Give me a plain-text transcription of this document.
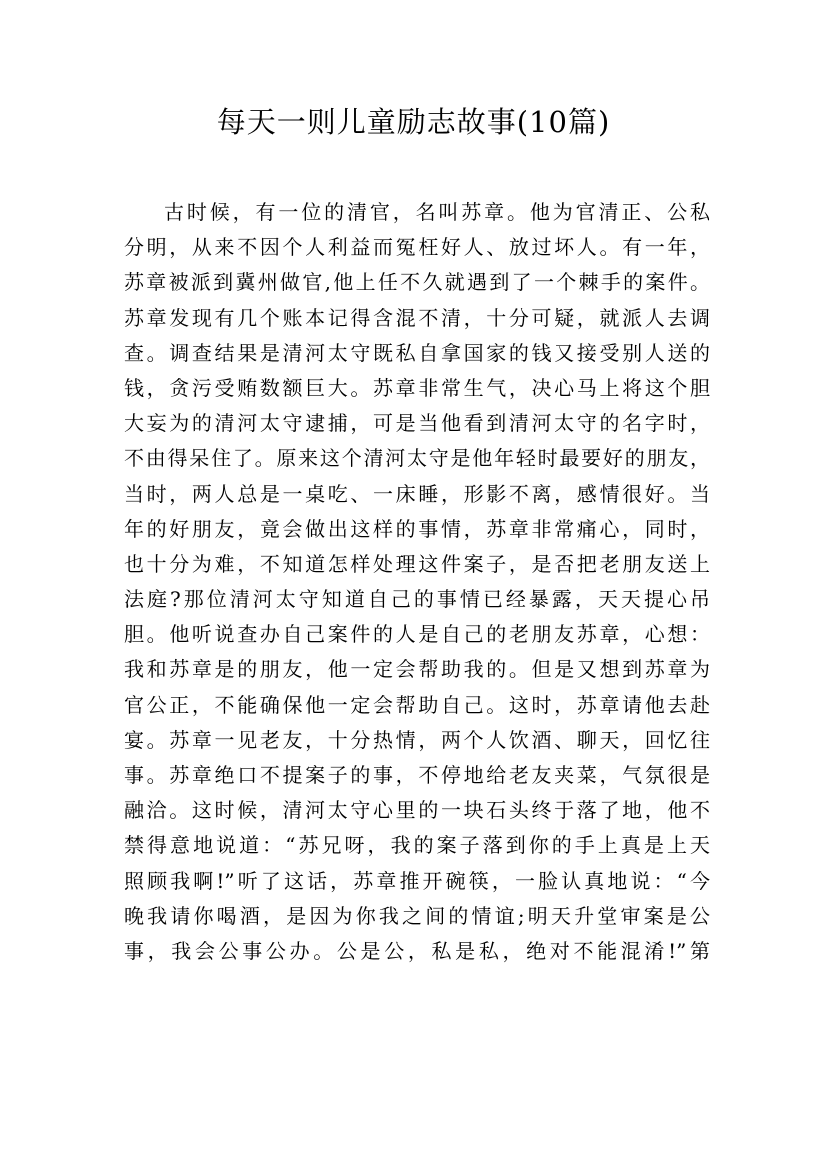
每天一则儿童励志故事(10篇)
古时候，有一位的清官，名叫苏章。他为官清正、公私
分明，从来不因个人利益而冤枉好人、放过坏人。有一年，
苏章被派到冀州做官,他上任不久就遇到了一个棘手的案件。
苏章发现有几个账本记得含混不清，十分可疑，就派人去调
查。调查结果是清河太守既私自拿国家的钱又接受别人送的
钱，贪污受贿数额巨大。苏章非常生气，决心马上将这个胆
大妄为的清河太守逮捕，可是当他看到清河太守的名字时，
不由得呆住了。原来这个清河太守是他年轻时最要好的朋友，
当时，两人总是一桌吃、一床睡，形影不离，感情很好。当
年的好朋友，竟会做出这样的事情，苏章非常痛心，同时，
也十分为难，不知道怎样处理这件案子，是否把老朋友送上
法庭?那位清河太守知道自己的事情已经暴露，天天提心吊
胆。他听说查办自己案件的人是自己的老朋友苏章，心想：
我和苏章是的朋友，他一定会帮助我的。但是又想到苏章为
官公正，不能确保他一定会帮助自己。这时，苏章请他去赴
宴。苏章一见老友，十分热情，两个人饮酒、聊天，回忆往
事。苏章绝口不提案子的事，不停地给老友夹菜，气氛很是
融洽。这时候，清河太守心里的一块石头终于落了地，他不
禁得意地说道：“苏兄呀，我的案子落到你的手上真是上天
照顾我啊!”听了这话，苏章推开碗筷，一脸认真地说：“今
晚我请你喝酒，是因为你我之间的情谊;明天升堂审案是公
事，我会公事公办。公是公，私是私，绝对不能混淆!”第
